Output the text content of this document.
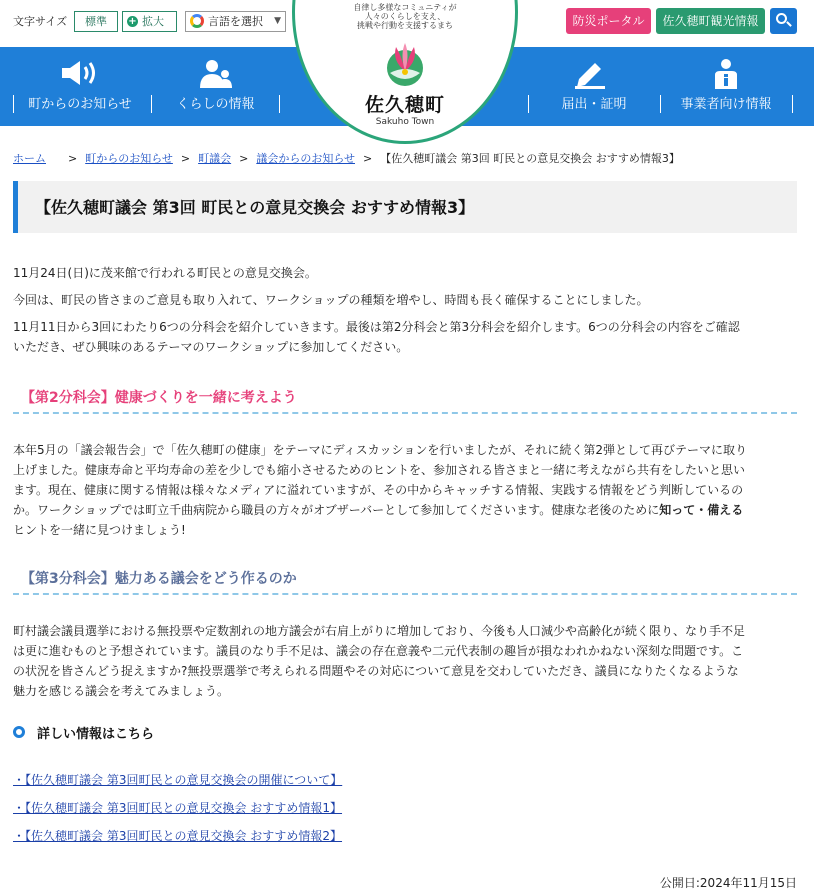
文字サイズ	標準	+ 拡大	言語を選択 ▼	防災ポータル	佐久穂町観光情報
町からのお知らせ	くらしの情報	届出・証明	事業者向け情報
自律し多様なコミュニティが
人々のくらしを支え、
挑戦や行動を支援するまち
佐久穂町
Sakuho Town
ホーム > 町からのお知らせ > 町議会 > 議会からのお知らせ > 【佐久穂町議会 第3回 町民との意見交換会 おすすめ情報3】
【佐久穂町議会 第3回 町民との意見交換会 おすすめ情報3】
11月24日(日)に茂来館で行われる町民との意見交換会。
今回は、町民の皆さまのご意見も取り入れて、ワークショップの種類を増やし、時間も長く確保することにしました。
11月11日から3回にわたり6つの分科会を紹介していきます。最後は第2分科会と第3分科会を紹介します。6つの分科会の内容をご確認
いただき、ぜひ興味のあるテーマのワークショップに参加してください。
【第2分科会】健康づくりを一緒に考えよう
本年5月の「議会報告会」で「佐久穂町の健康」をテーマにディスカッションを行いましたが、それに続く第2弾として再びテーマに取り
上げました。健康寿命と平均寿命の差を少しでも縮小させるためのヒントを、参加される皆さまと一緒に考えながら共有をしたいと思い
ます。現在、健康に関する情報は様々なメディアに溢れていますが、その中からキャッチする情報、実践する情報をどう判断しているの
か。ワークショップでは町立千曲病院から職員の方々がオブザーバーとして参加してくださいます。健康な老後のために知って・備える
ヒントを一緒に見つけましょう!
【第3分科会】魅力ある議会をどう作るのか
町村議会議員選挙における無投票や定数割れの地方議会が右肩上がりに増加しており、今後も人口減少や高齢化が続く限り、なり手不足
は更に進むものと予想されています。議員のなり手不足は、議会の存在意義や二元代表制の趣旨が損なわれかねない深刻な問題です。こ
の状況を皆さんどう捉えますか?無投票選挙で考えられる問題やその対応について意見を交わしていただき、議員になりたくなるような
魅力を感じる議会を考えてみましょう。
詳しい情報はこちら
・【佐久穂町議会 第3回町民との意見交換会の開催について】
・【佐久穂町議会 第3回町民との意見交換会 おすすめ情報1】
・【佐久穂町議会 第3回町民との意見交換会 おすすめ情報2】
公開日:2024年11月15日
